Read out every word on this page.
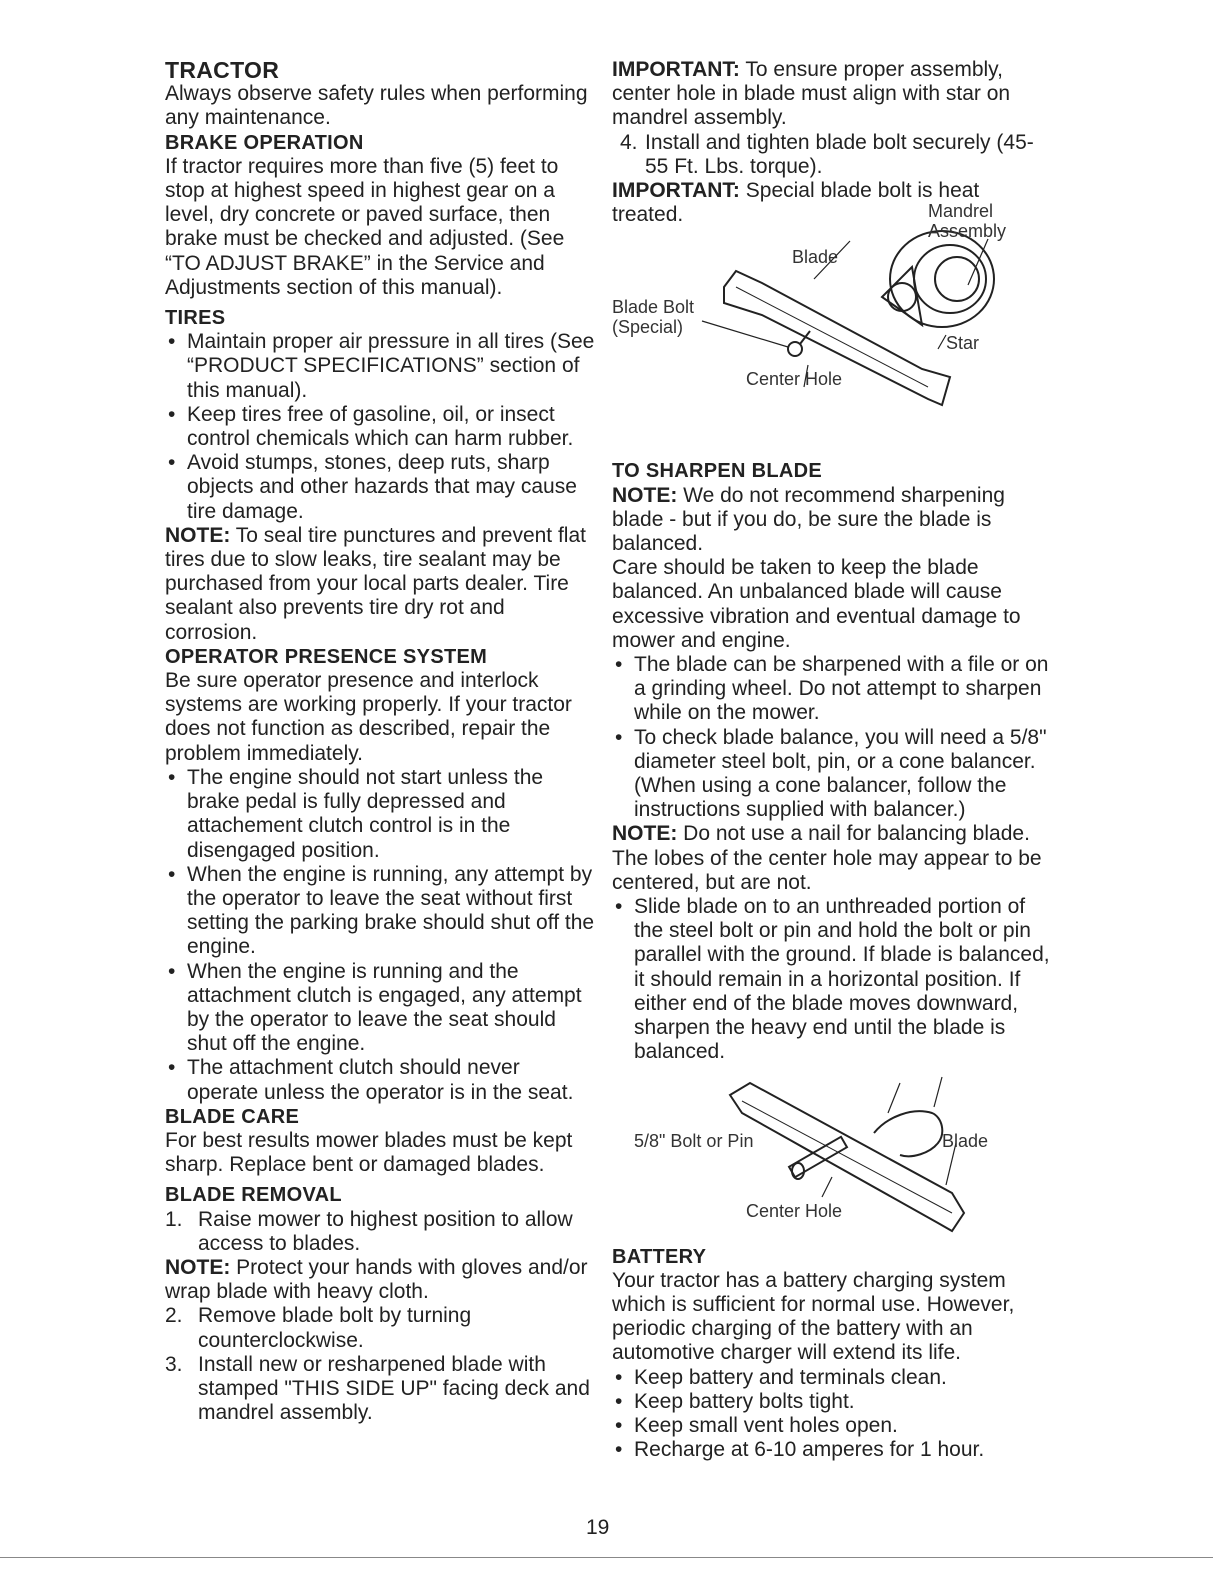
TRACTOR

Always observe safety rules when performing any maintenance.

BRAKE OPERATION

If tractor requires more than five (5) feet to stop at highest speed in highest gear on a level, dry concrete or paved surface, then brake must be checked and adjusted. (See “TO ADJUST BRAKE” in the Service and Adjustments section of this manual).

TIRES
• Maintain proper air pressure in all tires (See “PRODUCT SPECIFICATIONS” section of this manual).
• Keep tires free of gasoline, oil, or insect control chemicals which can harm rubber.
• Avoid stumps, stones, deep ruts, sharp objects and other hazards that may cause tire damage.

NOTE: To seal tire punctures and prevent flat tires due to slow leaks, tire sealant may be purchased from your local parts dealer. Tire sealant also prevents tire dry rot and corrosion.

OPERATOR PRESENCE SYSTEM

Be sure operator presence and interlock systems are working properly. If your tractor does not function as described, repair the problem immediately.

• The engine should not start unless the brake pedal is fully depressed and attachement clutch control is in the disengaged position.
• When the engine is running, any attempt by the operator to leave the seat without first setting the parking brake should shut off the engine.
• When the engine is running and the attachment clutch is engaged, any attempt by the operator to leave the seat should shut off the engine.
• The attachment clutch should never operate unless the operator is in the seat.
BLADE CARE

For best results mower blades must be kept sharp. Replace bent or damaged blades.

BLADE REMOVAL
1. Raise mower to highest position to allow access to blades.

NOTE: Protect your hands with gloves and/or wrap blade with heavy cloth.

2. Remove blade bolt by turning counterclockwise.
3. Install new or resharpened blade with stamped "THIS SIDE UP" facing deck and mandrel assembly.

IMPORTANT: To ensure proper assembly, center hole in blade must align with star on mandrel assembly.

4. Install and tighten blade bolt securely (45-55 Ft. Lbs. torque).

IMPORTANT: Special blade bolt is heat treated.	Mandrel
Assembly
Blade
Blade Bolt
(Special)
Star
Center Hole
TO SHARPEN BLADE

NOTE: We do not recommend sharpening blade - but if you do, be sure the blade is balanced.

Care should be taken to keep the blade balanced. An unbalanced blade will cause excessive vibration and eventual damage to mower and engine.

• The blade can be sharpened with a file or on a grinding wheel. Do not attempt to sharpen while on the mower.
• To check blade balance, you will need a 5/8" diameter steel bolt, pin, or a cone balancer. (When using a cone balancer, follow the instructions supplied with balancer.)

NOTE: Do not use a nail for balancing blade. The lobes of the center hole may appear to be centered, but are not.

• Slide blade on to an unthreaded portion of the steel bolt or pin and hold the bolt or pin parallel with the ground. If blade is balanced, it should remain in a horizontal position. If either end of the blade moves downward, sharpen the heavy end until the blade is balanced.
5/8" Bolt or Pin	Blade
Center Hole
BATTERY

Your tractor has a battery charging system which is sufficient for normal use. However, periodic charging of the battery with an automotive charger will extend its life.

• Keep battery and terminals clean.
• Keep battery bolts tight.
• Keep small vent holes open.
• Recharge at 6-10 amperes for 1 hour.
19
